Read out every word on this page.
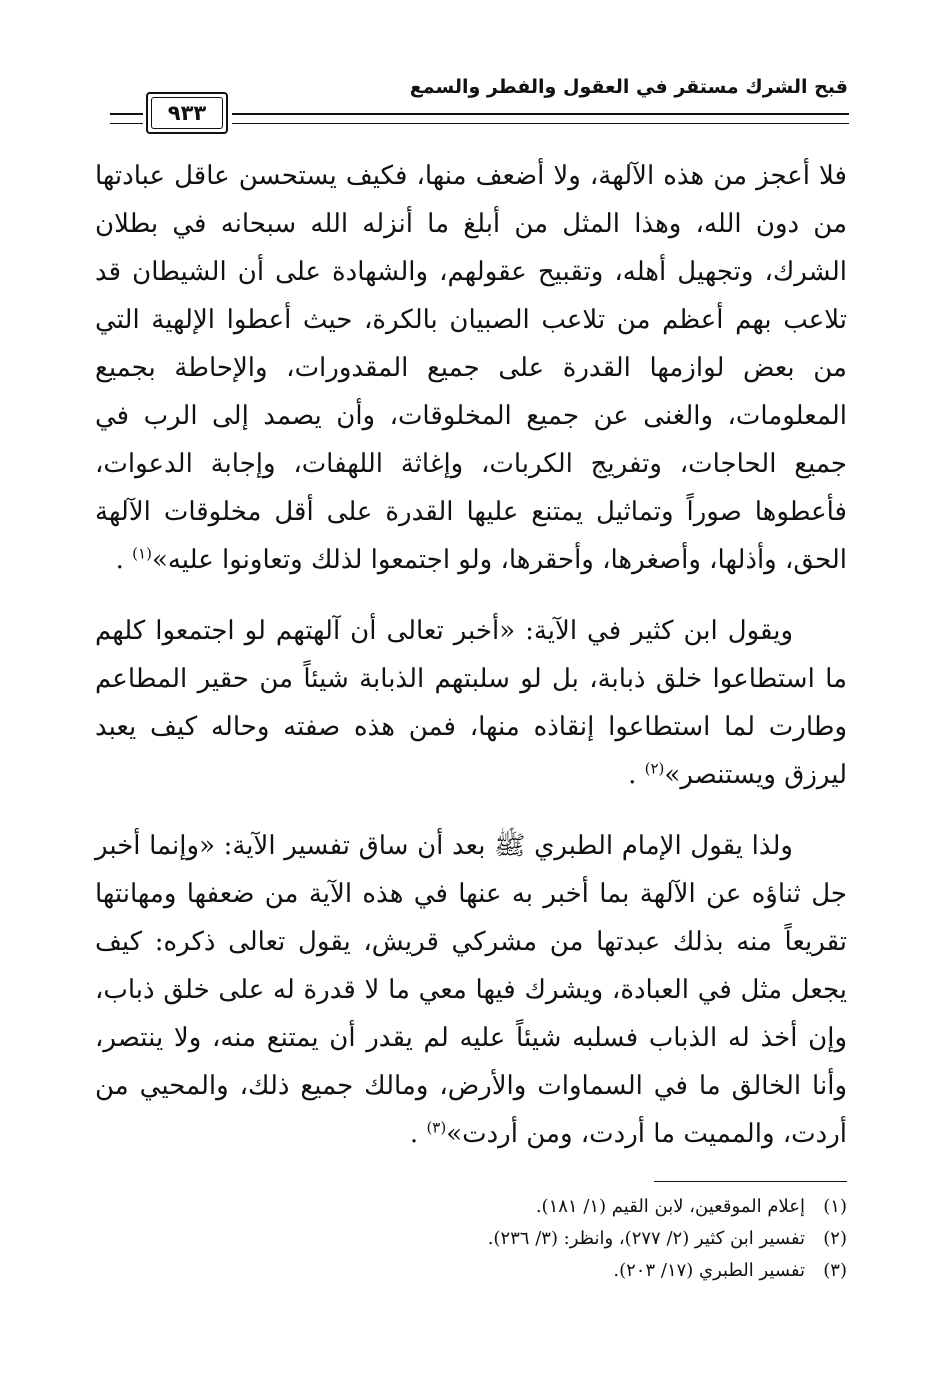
قبح الشرك مستقر في العقول والفطر والسمع
٩٣٣

فلا أعجز من هذه الآلهة، ولا أضعف منها، فكيف يستحسن عاقل عبادتها من دون الله، وهذا المثل من أبلغ ما أنزله الله سبحانه في بطلان الشرك، وتجهيل أهله، وتقبيح عقولهم، والشهادة على أن الشيطان قد تلاعب بهم أعظم من تلاعب الصبيان بالكرة، حيث أعطوا الإلهية التي من بعض لوازمها القدرة على جميع المقدورات، والإحاطة بجميع المعلومات، والغنى عن جميع المخلوقات، وأن يصمد إلى الرب في جميع الحاجات، وتفريج الكربات، وإغاثة اللهفات، وإجابة الدعوات، فأعطوها صوراً وتماثيل يمتنع عليها القدرة على أقل مخلوقات الآلهة الحق، وأذلها، وأصغرها، وأحقرها، ولو اجتمعوا لذلك وتعاونوا عليه»$^{(١)}$ .

ويقول ابن كثير في الآية: «أخبر تعالى أن آلهتهم لو اجتمعوا كلهم ما استطاعوا خلق ذبابة، بل لو سلبتهم الذبابة شيئاً من حقير المطاعم وطارت لما استطاعوا إنقاذه منها، فمن هذه صفته وحاله كيف يعبد ليرزق ويستنصر»$^{(٢)}$ .

ولذا يقول الإمام الطبري ﷺ بعد أن ساق تفسير الآية: «وإنما أخبر جل ثناؤه عن الآلهة بما أخبر به عنها في هذه الآية من ضعفها ومهانتها تقريعاً منه بذلك عبدتها من مشركي قريش، يقول تعالى ذكره: كيف يجعل مثل في العبادة، ويشرك فيها معي ما لا قدرة له على خلق ذباب، وإن أخذ له الذباب فسلبه شيئاً عليه لم يقدر أن يمتنع منه، ولا ينتصر، وأنا الخالق ما في السماوات والأرض، ومالك جميع ذلك، والمحيي من أردت، والمميت ما أردت، ومن أردت»$^{(٣)}$ .

(١)
إعلام الموقعين، لابن القيم (١/ ١٨١).
(٢)
تفسير ابن كثير (٢/ ٢٧٧)، وانظر: (٣/ ٢٣٦).
(٣)
تفسير الطبري (١٧/ ٢٠٣).
